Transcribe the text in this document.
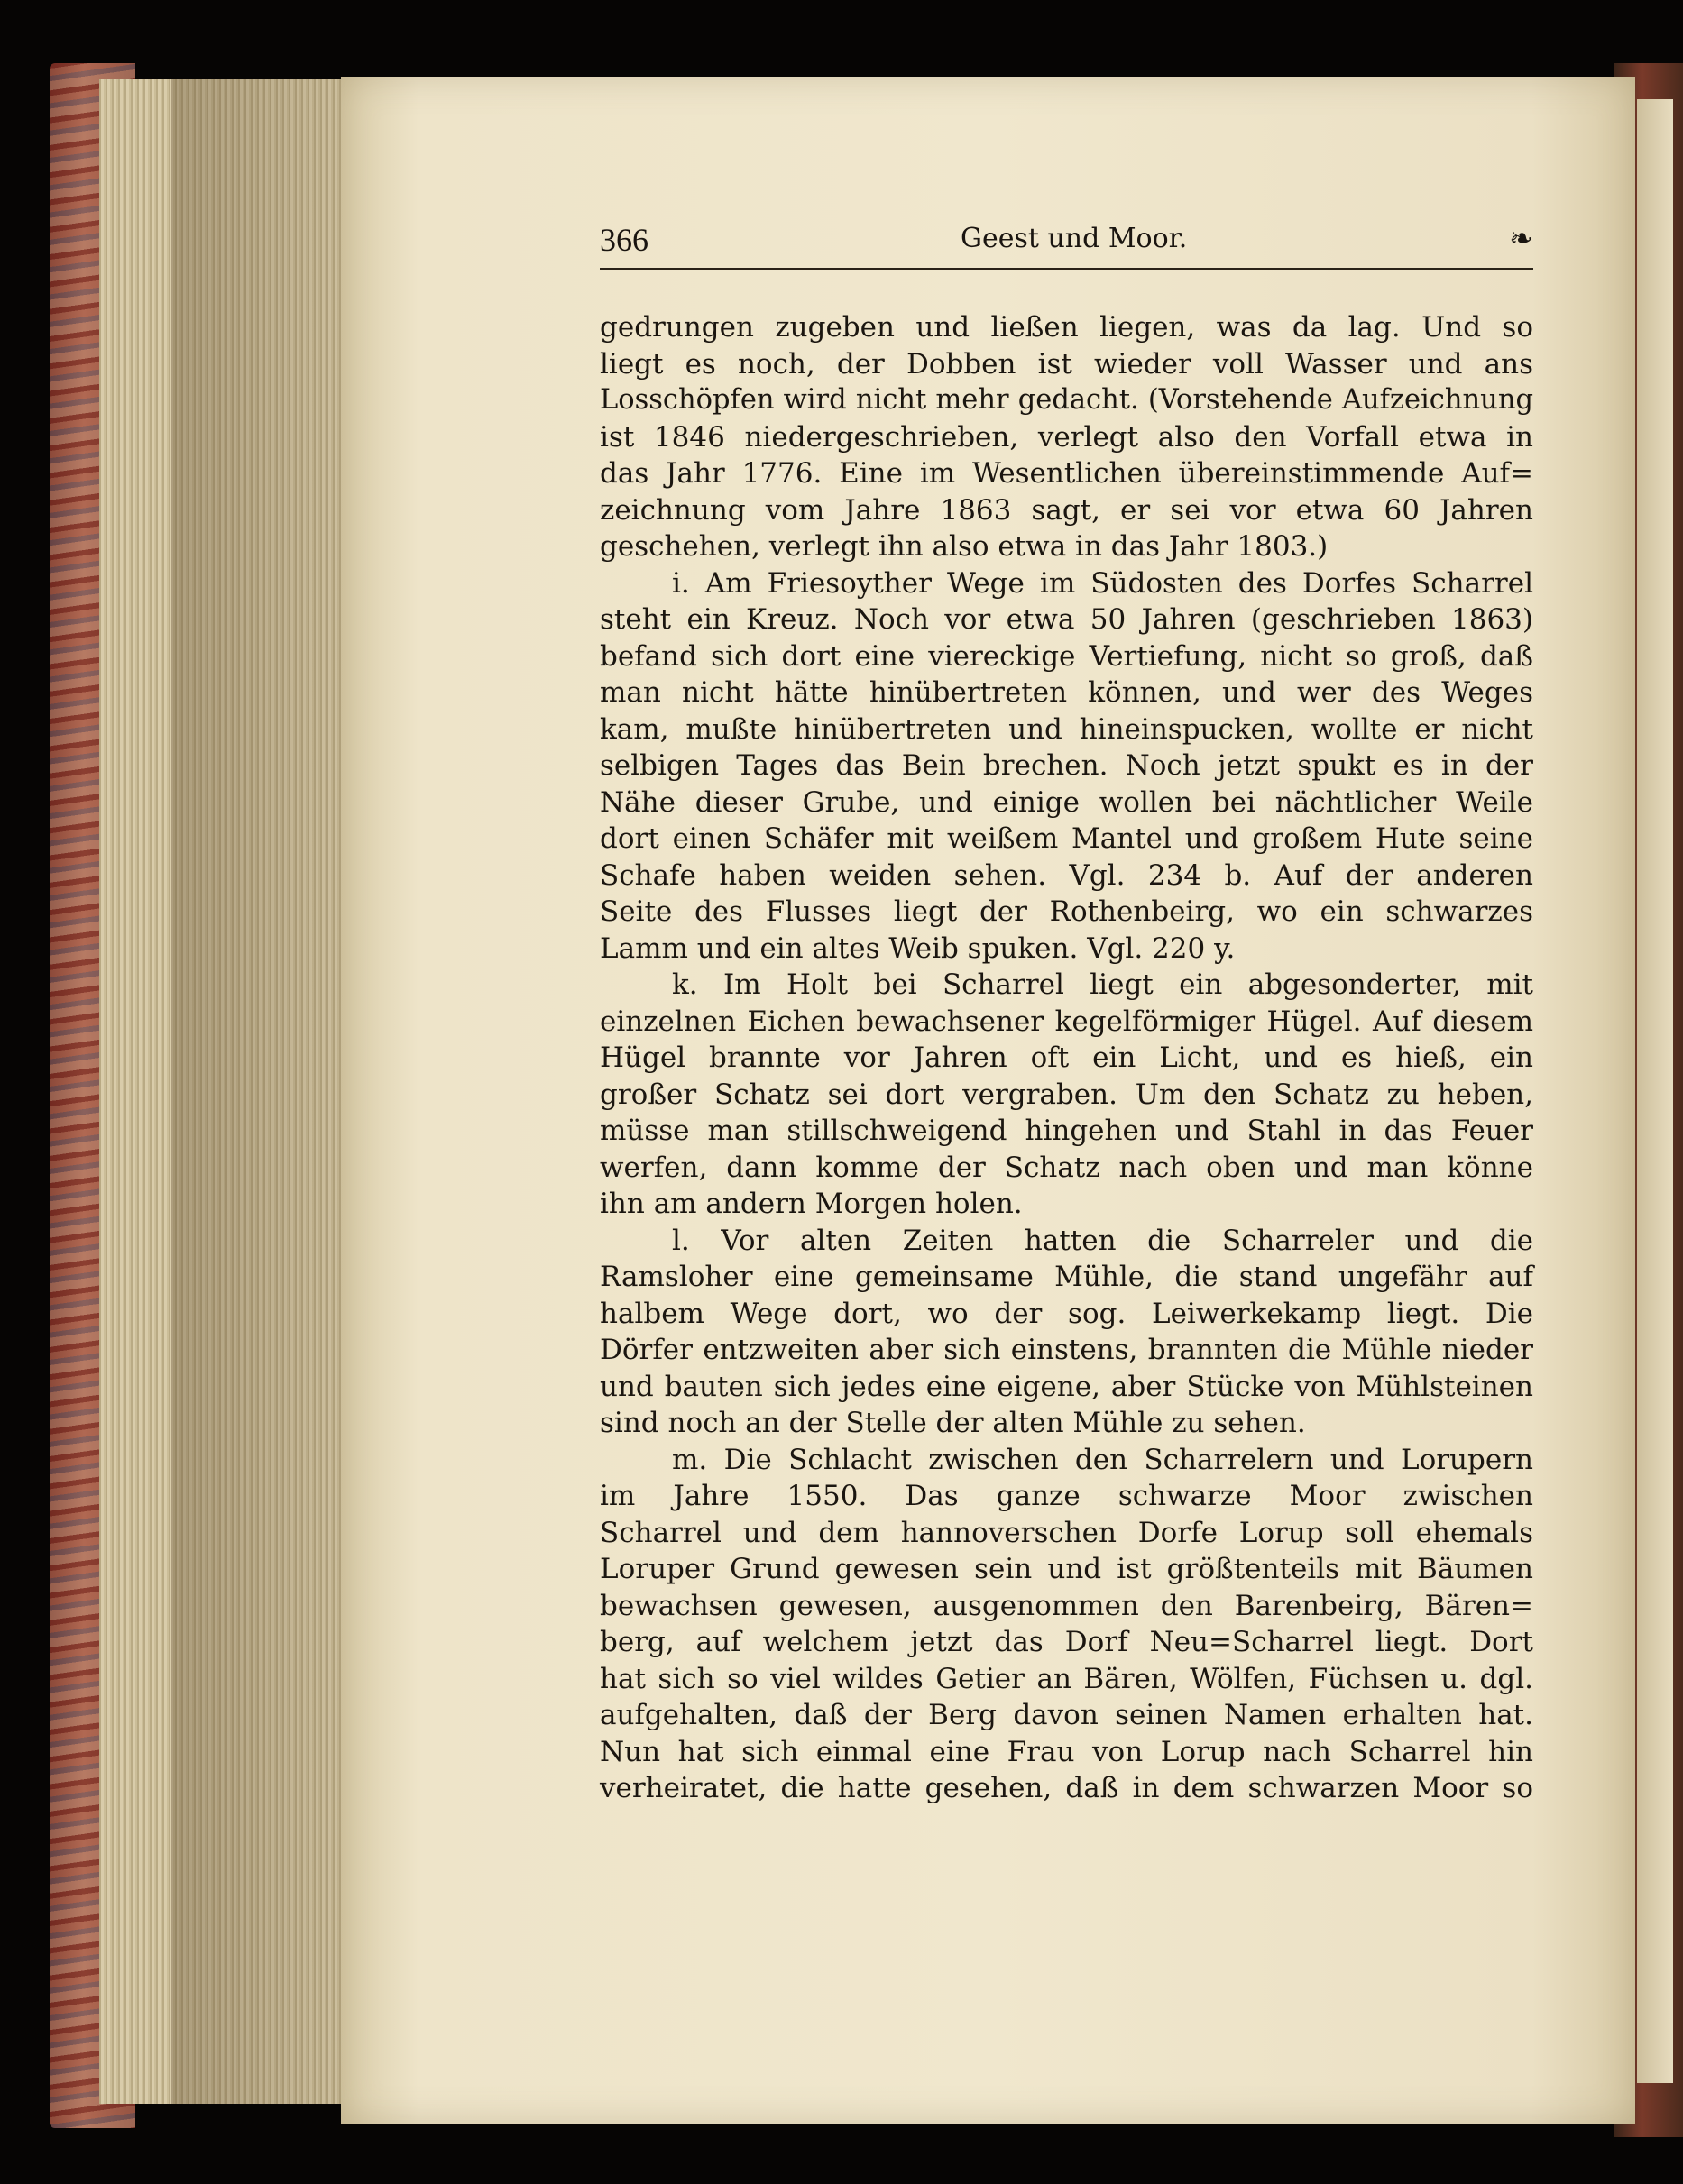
366	Geest und Moor.	❧
gedrungen zugeben und ließen liegen, was da lag. Und so
liegt es noch, der Dobben ist wieder voll Wasser und ans
Losschöpfen wird nicht mehr gedacht. (Vorstehende Aufzeichnung
ist 1846 niedergeschrieben, verlegt also den Vorfall etwa in
das Jahr 1776. Eine im Wesentlichen übereinstimmende Auf=
zeichnung vom Jahre 1863 sagt, er sei vor etwa 60 Jahren
geschehen, verlegt ihn also etwa in das Jahr 1803.)
i. Am Friesoyther Wege im Südosten des Dorfes Scharrel
steht ein Kreuz. Noch vor etwa 50 Jahren (geschrieben 1863)
befand sich dort eine viereckige Vertiefung, nicht so groß, daß
man nicht hätte hinübertreten können, und wer des Weges
kam, mußte hinübertreten und hineinspucken, wollte er nicht
selbigen Tages das Bein brechen. Noch jetzt spukt es in der
Nähe dieser Grube, und einige wollen bei nächtlicher Weile
dort einen Schäfer mit weißem Mantel und großem Hute seine
Schafe haben weiden sehen. Vgl. 234 b. Auf der anderen
Seite des Flusses liegt der Rothenbeirg, wo ein schwarzes
Lamm und ein altes Weib spuken. Vgl. 220 y.
k. Im Holt bei Scharrel liegt ein abgesonderter, mit
einzelnen Eichen bewachsener kegelförmiger Hügel. Auf diesem
Hügel brannte vor Jahren oft ein Licht, und es hieß, ein
großer Schatz sei dort vergraben. Um den Schatz zu heben,
müsse man stillschweigend hingehen und Stahl in das Feuer
werfen, dann komme der Schatz nach oben und man könne
ihn am andern Morgen holen.
l. Vor alten Zeiten hatten die Scharreler und die
Ramsloher eine gemeinsame Mühle, die stand ungefähr auf
halbem Wege dort, wo der sog. Leiwerkekamp liegt. Die
Dörfer entzweiten aber sich einstens, brannten die Mühle nieder
und bauten sich jedes eine eigene, aber Stücke von Mühlsteinen
sind noch an der Stelle der alten Mühle zu sehen.
m. Die Schlacht zwischen den Scharrelern und Lorupern
im Jahre 1550. Das ganze schwarze Moor zwischen
Scharrel und dem hannoverschen Dorfe Lorup soll ehemals
Loruper Grund gewesen sein und ist größtenteils mit Bäumen
bewachsen gewesen, ausgenommen den Barenbeirg, Bären=
berg, auf welchem jetzt das Dorf Neu=Scharrel liegt. Dort
hat sich so viel wildes Getier an Bären, Wölfen, Füchsen u. dgl.
aufgehalten, daß der Berg davon seinen Namen erhalten hat.
Nun hat sich einmal eine Frau von Lorup nach Scharrel hin
verheiratet, die hatte gesehen, daß in dem schwarzen Moor so
